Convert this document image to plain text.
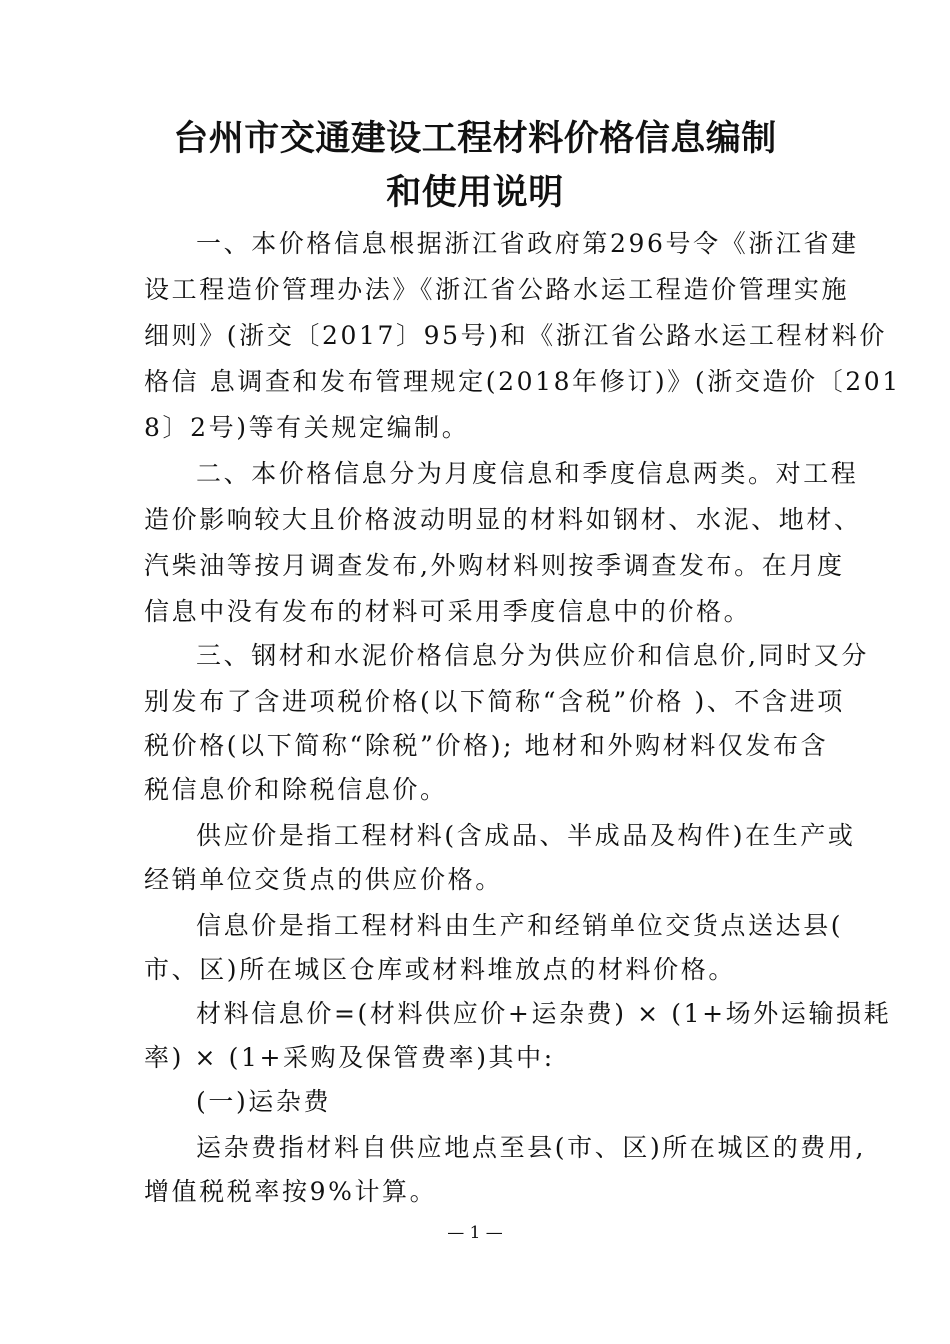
台州市交通建设工程材料价格信息编制
和使用说明
一、本价格信息根据浙江省政府第296号令《浙江省建
设工程造价管理办法》《浙江省公路水运工程造价管理实施
细则》(浙交〔2017〕95号)和《浙江省公路水运工程材料价
格信 息调查和发布管理规定(2018年修订)》(浙交造价〔201
8〕2号)等有关规定编制。
二、本价格信息分为月度信息和季度信息两类。对工程
造价影响较大且价格波动明显的材料如钢材、水泥、地材、
汽柴油等按月调查发布,外购材料则按季调查发布。在月度
信息中没有发布的材料可采用季度信息中的价格。
三、钢材和水泥价格信息分为供应价和信息价,同时又分
别发布了含进项税价格(以下简称“含税”价格 )、不含进项
税价格(以下简称“除税”价格); 地材和外购材料仅发布含
税信息价和除税信息价。
供应价是指工程材料(含成品、半成品及构件)在生产或
经销单位交货点的供应价格。
信息价是指工程材料由生产和经销单位交货点送达县(
市、区)所在城区仓库或材料堆放点的材料价格。
材料信息价=(材料供应价+运杂费) × (1+场外运输损耗
率) × (1+采购及保管费率)其中:
(一)运杂费
运杂费指材料自供应地点至县(市、区)所在城区的费用,
增值税税率按9%计算。
— 1 —
